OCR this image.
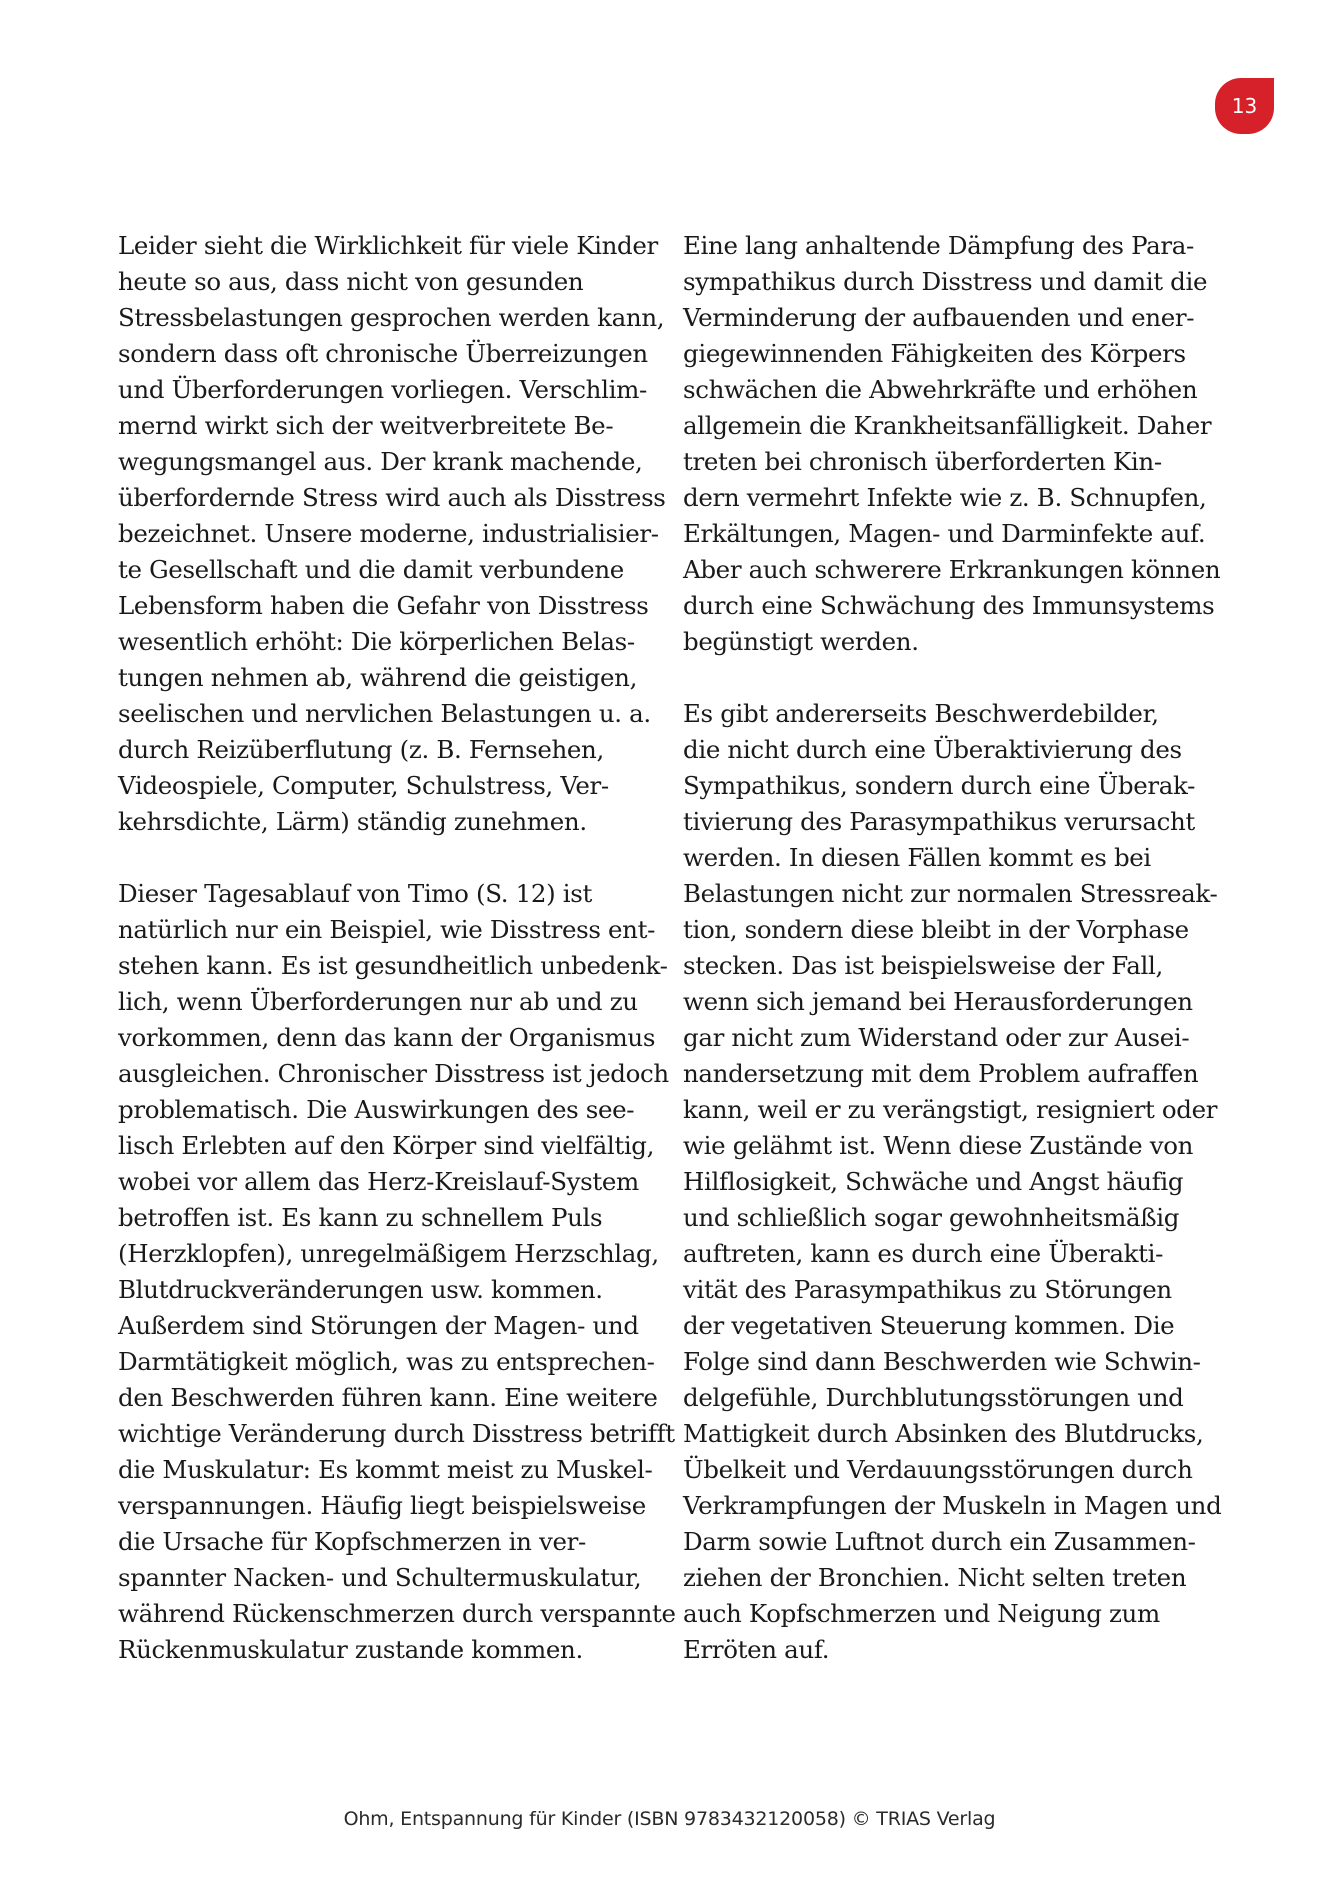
13
Leider sieht die Wirklichkeit für viele Kinder
heute so aus, dass nicht von gesunden
Stressbelastungen gesprochen werden kann,
sondern dass oft chronische Überreizungen
und Überforderungen vorliegen. Verschlim-
mernd wirkt sich der weitverbreitete Be-
wegungsmangel aus. Der krank machende,
überfordernde Stress wird auch als Disstress
bezeichnet. Unsere moderne, industrialisier-
te Gesellschaft und die damit verbundene
Lebensform haben die Gefahr von Disstress
wesentlich erhöht: Die körperlichen Belas-
tungen nehmen ab, während die geistigen,
seelischen und nervlichen Belastungen u. a.
durch Reizüberflutung (z. B. Fernsehen,
Videospiele, Computer, Schulstress, Ver-
kehrsdichte, Lärm) ständig zunehmen.
Dieser Tagesablauf von Timo (S. 12) ist
natürlich nur ein Beispiel, wie Disstress ent-
stehen kann. Es ist gesundheitlich unbedenk-
lich, wenn Überforderungen nur ab und zu
vorkommen, denn das kann der Organismus
ausgleichen. Chronischer Disstress ist jedoch
problematisch. Die Auswirkungen des see-
lisch Erlebten auf den Körper sind vielfältig,
wobei vor allem das Herz-Kreislauf-System
betroffen ist. Es kann zu schnellem Puls
(Herzklopfen), unregelmäßigem Herzschlag,
Blutdruckveränderungen usw. kommen.
Außerdem sind Störungen der Magen- und
Darmtätigkeit möglich, was zu entsprechen-
den Beschwerden führen kann. Eine weitere
wichtige Veränderung durch Disstress betrifft
die Muskulatur: Es kommt meist zu Muskel-
verspannungen. Häufig liegt beispielsweise
die Ursache für Kopfschmerzen in ver-
spannter Nacken- und Schultermuskulatur,
während Rückenschmerzen durch verspannte
Rückenmuskulatur zustande kommen.
Eine lang anhaltende Dämpfung des Para-
sympathikus durch Disstress und damit die
Verminderung der aufbauenden und ener-
giegewinnenden Fähigkeiten des Körpers
schwächen die Abwehrkräfte und erhöhen
allgemein die Krankheitsanfälligkeit. Daher
treten bei chronisch überforderten Kin-
dern vermehrt Infekte wie z. B. Schnupfen,
Erkältungen, Magen- und Darminfekte auf.
Aber auch schwerere Erkrankungen können
durch eine Schwächung des Immunsystems
begünstigt werden.
Es gibt andererseits Beschwerdebilder,
die nicht durch eine Überaktivierung des
Sympathikus, sondern durch eine Überak-
tivierung des Parasympathikus verursacht
werden. In diesen Fällen kommt es bei
Belastungen nicht zur normalen Stressreak-
tion, sondern diese bleibt in der Vorphase
stecken. Das ist beispielsweise der Fall,
wenn sich jemand bei Herausforderungen
gar nicht zum Widerstand oder zur Ausei-
nandersetzung mit dem Problem aufraffen
kann, weil er zu verängstigt, resigniert oder
wie gelähmt ist. Wenn diese Zustände von
Hilflosigkeit, Schwäche und Angst häufig
und schließlich sogar gewohnheitsmäßig
auftreten, kann es durch eine Überakti-
vität des Parasympathikus zu Störungen
der vegetativen Steuerung kommen. Die
Folge sind dann Beschwerden wie Schwin-
delgefühle, Durchblutungsstörungen und
Mattigkeit durch Absinken des Blutdrucks,
Übelkeit und Verdauungsstörungen durch
Verkrampfungen der Muskeln in Magen und
Darm sowie Luftnot durch ein Zusammen-
ziehen der Bronchien. Nicht selten treten
auch Kopfschmerzen und Neigung zum
Erröten auf.
Ohm, Entspannung für Kinder (ISBN 9783432120058) © TRIAS Verlag
